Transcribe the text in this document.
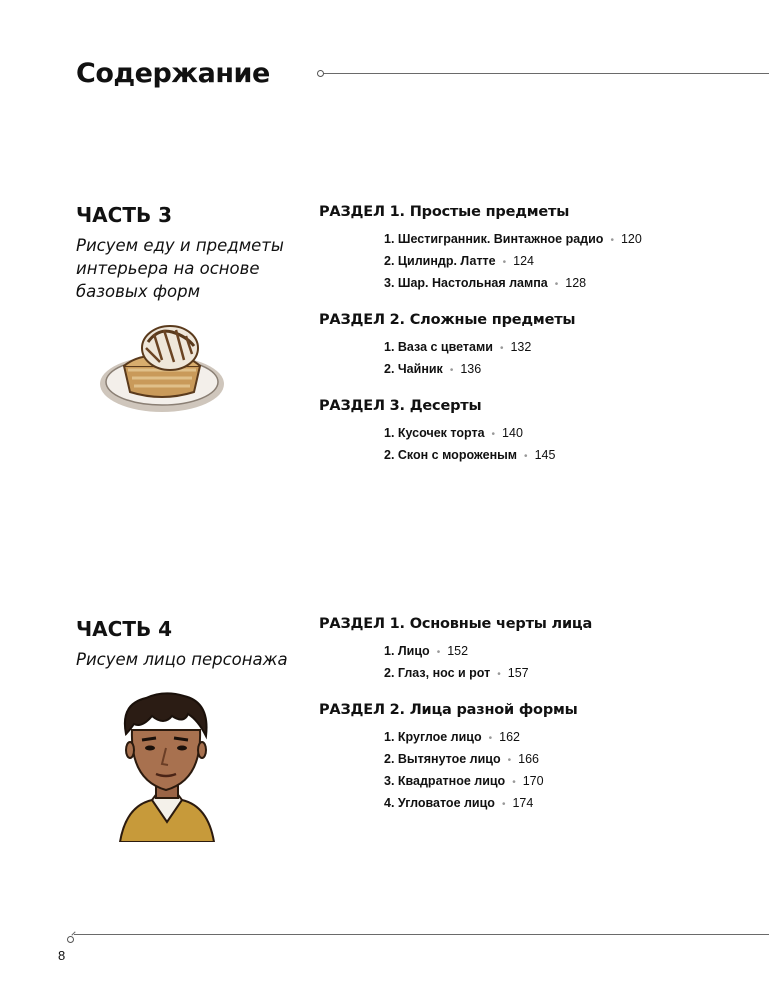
Содержание
ЧАСТЬ 3

Рисуем еду и предметы интерьера на основе базовых форм

РАЗДЕЛ 1. Простые предметы
1. Шестигранник. Винтажное радио • 120
2. Цилиндр. Латте • 124
3. Шар. Настольная лампа • 128
РАЗДЕЛ 2. Сложные предметы
1. Ваза с цветами • 132
2. Чайник • 136
РАЗДЕЛ 3. Десерты
1. Кусочек торта • 140
2. Скон с мороженым • 145
ЧАСТЬ 4

Рисуем лицо персонажа

РАЗДЕЛ 1. Основные черты лица
1. Лицо • 152
2. Глаз, нос и рот • 157
РАЗДЕЛ 2. Лица разной формы
1. Круглое лицо • 162
2. Вытянутое лицо • 166
3. Квадратное лицо • 170
4. Угловатое лицо • 174
8
